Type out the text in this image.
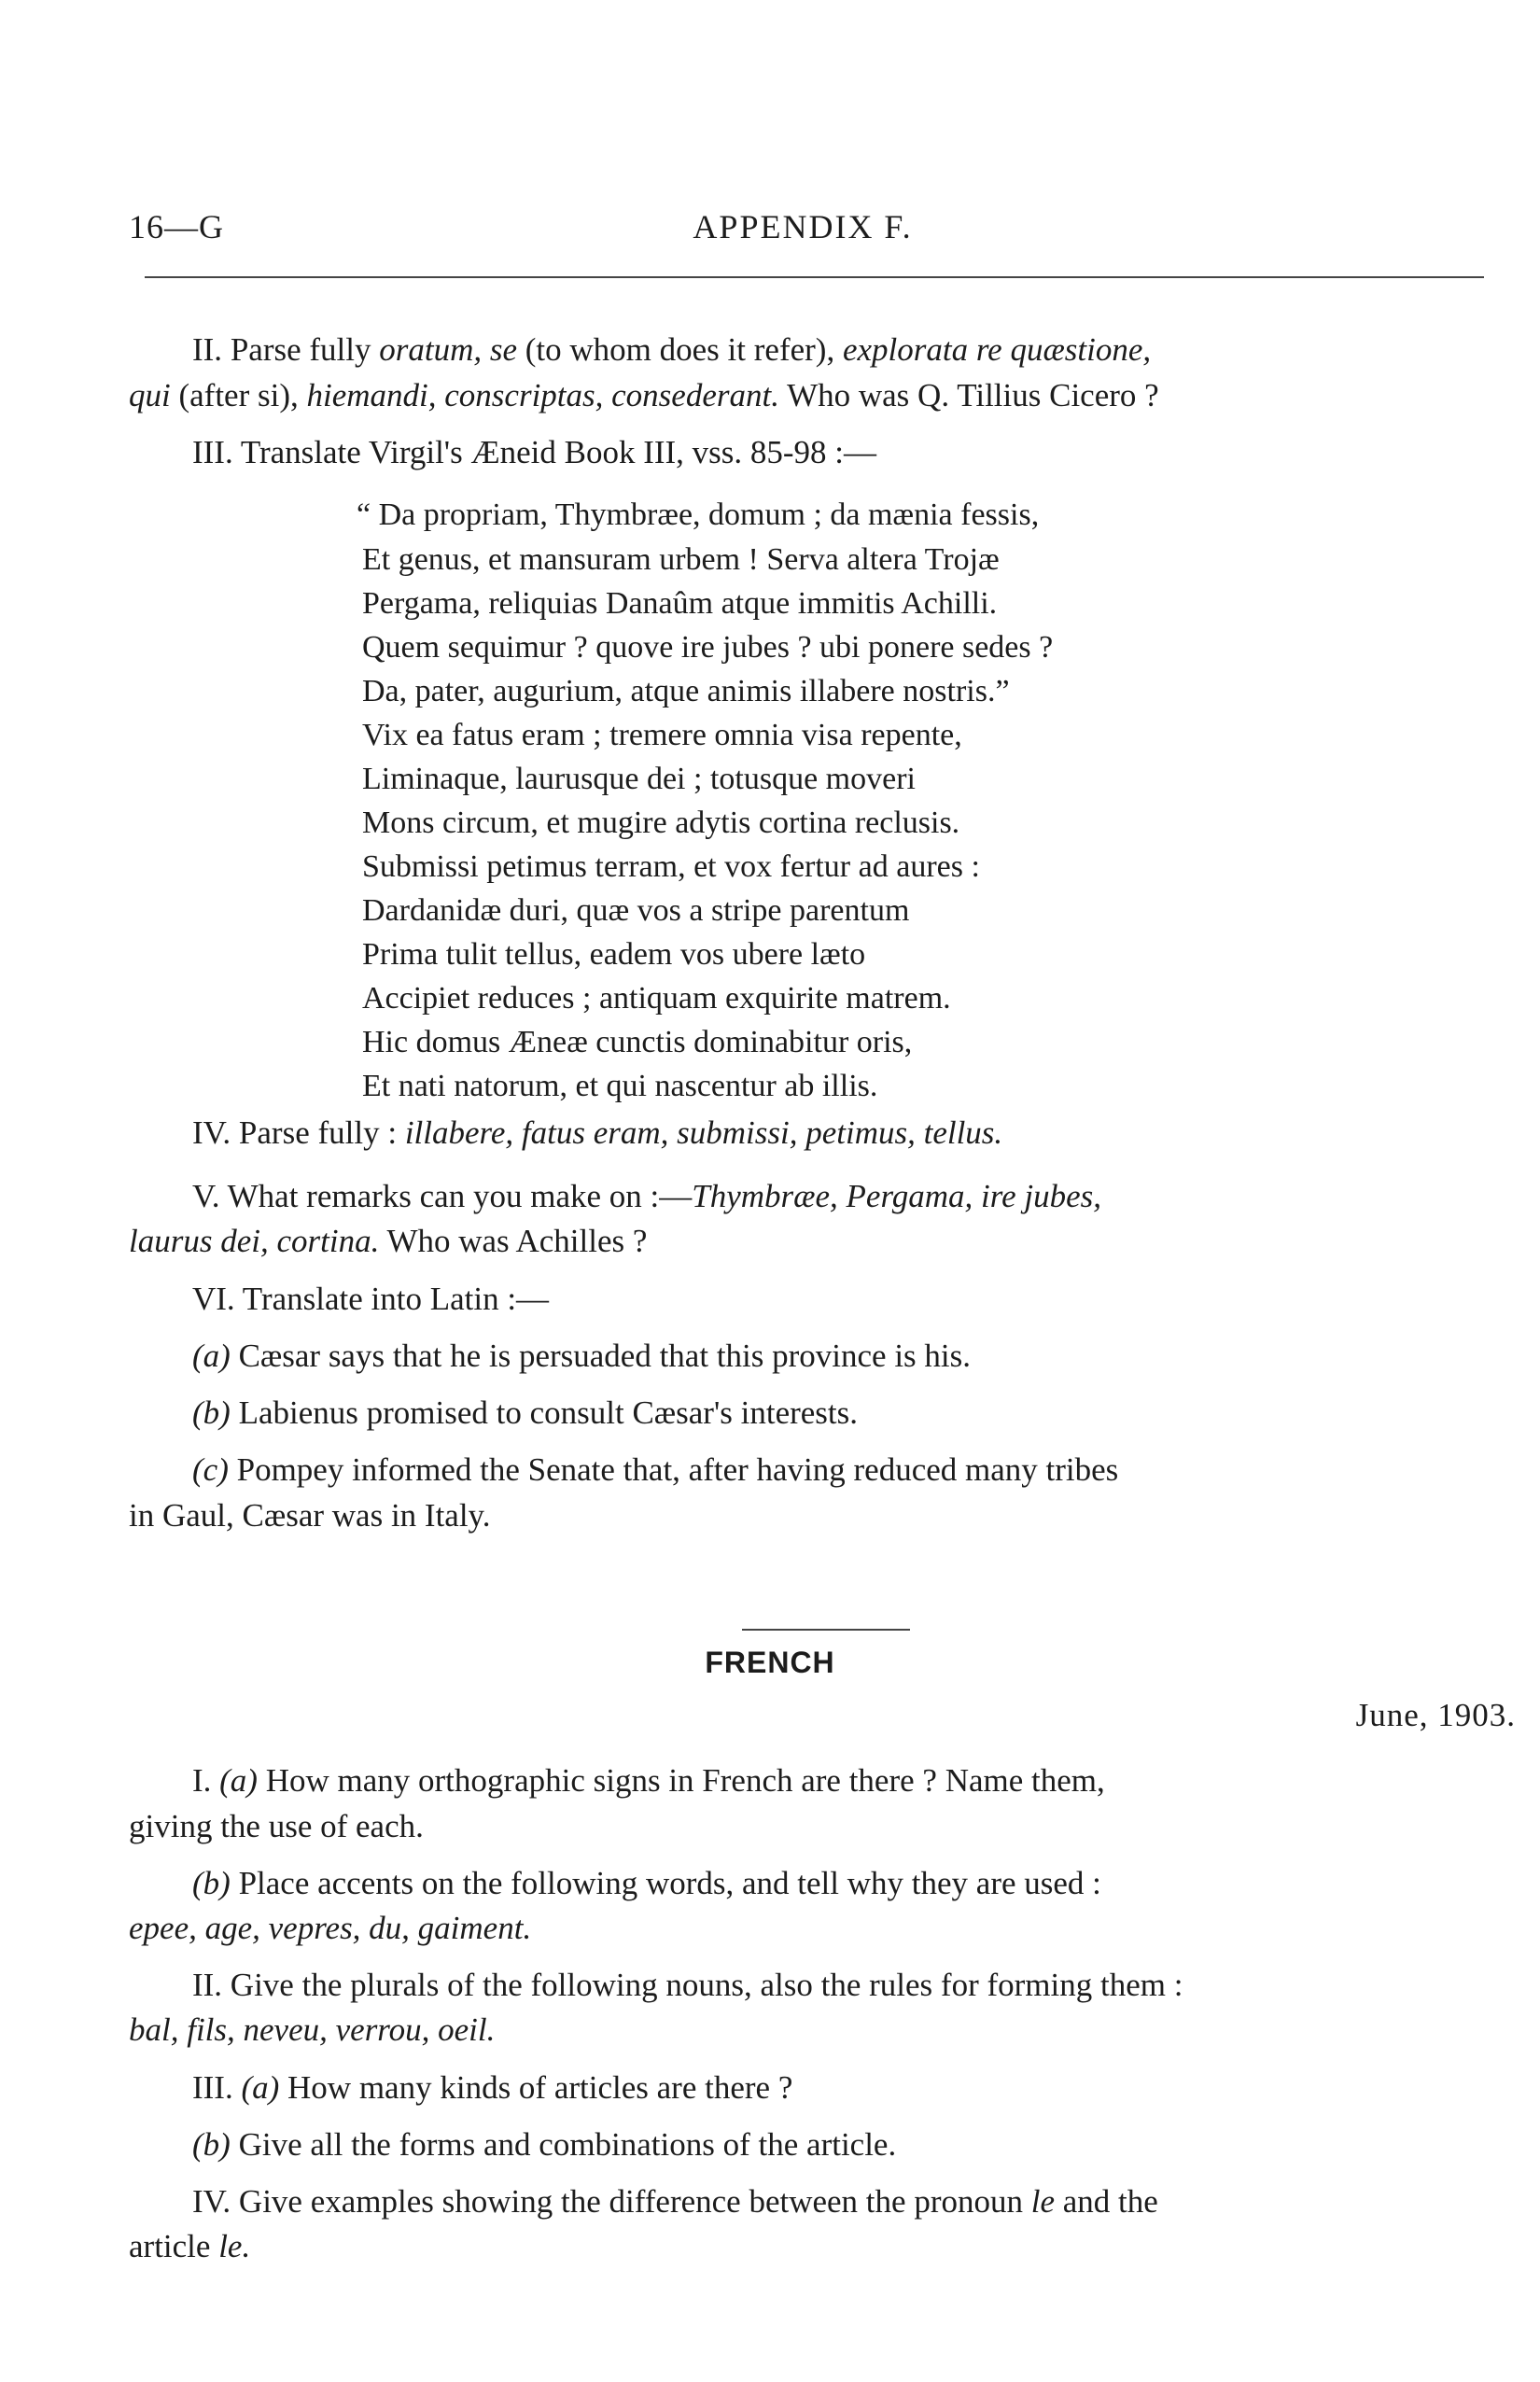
16—G	APPENDIX F.
II. Parse fully oratum, se (to whom does it refer), explorata re quæstione,
qui (after si), hiemandi, conscriptas, consederant. Who was Q. Tillius Cicero ?
III. Translate Virgil's Æneid Book III, vss. 85-98 :—
“ Da propriam, Thymbræe, domum ; da mænia fessis,
Et genus, et mansuram urbem ! Serva altera Trojæ
Pergama, reliquias Danaûm atque immitis Achilli.
Quem sequimur ? quove ire jubes ? ubi ponere sedes ?
Da, pater, augurium, atque animis illabere nostris.”
Vix ea fatus eram ; tremere omnia visa repente,
Liminaque, laurusque dei ; totusque moveri
Mons circum, et mugire adytis cortina reclusis.
Submissi petimus terram, et vox fertur ad aures :
Dardanidæ duri, quæ vos a stripe parentum
Prima tulit tellus, eadem vos ubere læto
Accipiet reduces ; antiquam exquirite matrem.
Hic domus Æneæ cunctis dominabitur oris,
Et nati natorum, et qui nascentur ab illis.
IV. Parse fully : illabere, fatus eram, submissi, petimus, tellus.
V. What remarks can you make on :—Thymbræe, Pergama, ire jubes,
laurus dei, cortina. Who was Achilles ?
VI. Translate into Latin :—
(a) Cæsar says that he is persuaded that this province is his.
(b) Labienus promised to consult Cæsar's interests.
(c) Pompey informed the Senate that, after having reduced many tribes
in Gaul, Cæsar was in Italy.
FRENCH
June, 1903.
I. (a) How many orthographic signs in French are there ? Name them,
giving the use of each.
(b) Place accents on the following words, and tell why they are used :
epee, age, vepres, du, gaiment.
II. Give the plurals of the following nouns, also the rules for forming them :
bal, fils, neveu, verrou, oeil.
III. (a) How many kinds of articles are there ?
(b) Give all the forms and combinations of the article.
IV. Give examples showing the difference between the pronoun le and the
article le.
